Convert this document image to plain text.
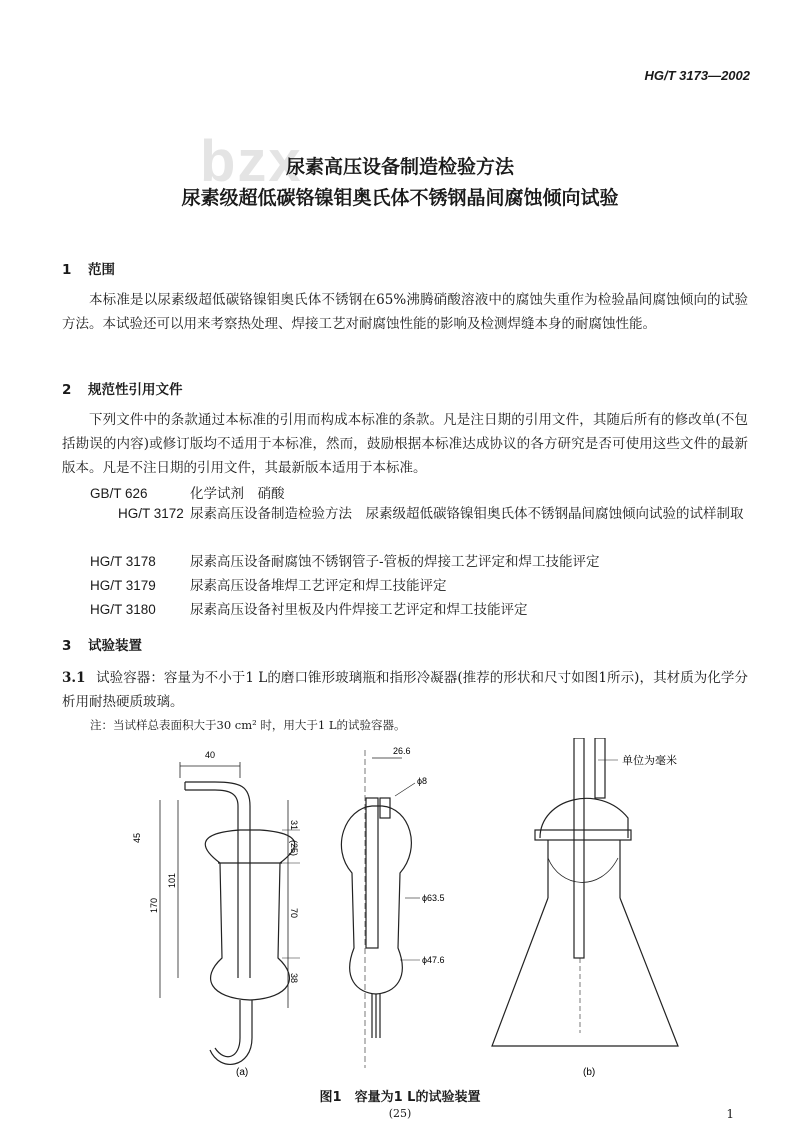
HG/T 3173—2002
bzx
尿素高压设备制造检验方法
尿素级超低碳铬镍钼奥氏体不锈钢晶间腐蚀倾向试验
1 范围
本标准是以尿素级超低碳铬镍钼奥氏体不锈钢在65%沸腾硝酸溶液中的腐蚀失重作为检验晶间腐蚀倾向的试验方法。本试验还可以用来考察热处理、焊接工艺对耐腐蚀性能的影响及检测焊缝本身的耐腐蚀性能。
2 规范性引用文件
下列文件中的条款通过本标准的引用而构成本标准的条款。凡是注日期的引用文件，其随后所有的修改单(不包括勘误的内容)或修订版均不适用于本标准，然而，鼓励根据本标准达成协议的各方研究是否可使用这些文件的最新版本。凡是不注日期的引用文件，其最新版本适用于本标准。
GB/T 626	化学试剂　硝酸
HG/T 3172 尿素高压设备制造检验方法　尿素级超低碳铬镍钼奥氏体不锈钢晶间腐蚀倾向试验的试样制取
HG/T 3178	尿素高压设备耐腐蚀不锈钢管子-管板的焊接工艺评定和焊工技能评定
HG/T 3179	尿素高压设备堆焊工艺评定和焊工技能评定
HG/T 3180	尿素高压设备衬里板及内件焊接工艺评定和焊工技能评定
3 试验装置
3.1 试验容器：容量为不小于1 L的磨口锥形玻璃瓶和指形冷凝器(推荐的形状和尺寸如图1所示)，其材质为化学分析用耐热硬质玻璃。
注：当试样总表面积大于30 cm² 时，用大于1 L的试验容器。
40
31
(25)
70
38
101
170
45
26.6
ϕ8
ϕ63.5
ϕ47.6
单位为毫米
(a)	(b)
图1　容量为1 L的试验装置
(25)	1
